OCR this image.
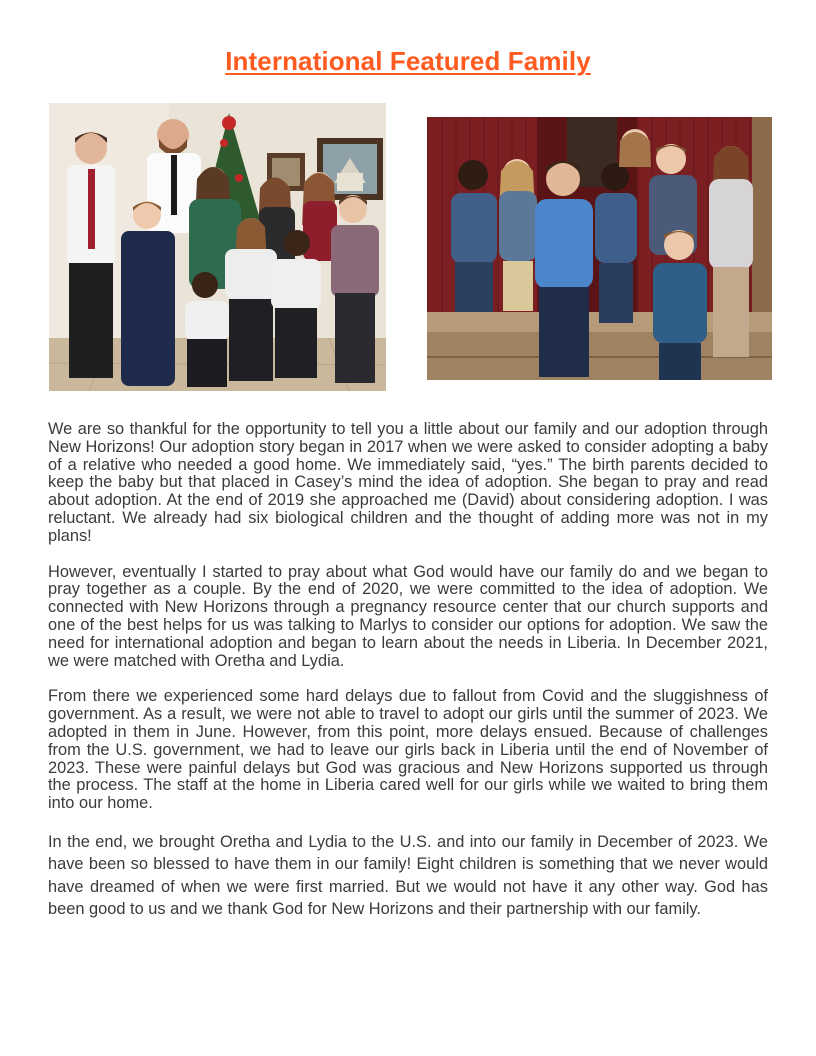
International Featured Family

We are so thankful for the opportunity to tell you a little about our family and our adoption through New Horizons! Our adoption story began in 2017 when we were asked to consider adopting a baby of a relative who needed a good home. We immediately said, “yes.” The birth parents decided to keep the baby but that placed in Casey’s mind the idea of adoption. She began to pray and read about adoption. At the end of 2019 she approached me (David) about considering adoption. I was reluctant. We already had six biological children and the thought of adding more was not in my plans!

However, eventually I started to pray about what God would have our family do and we began to pray together as a couple. By the end of 2020, we were committed to the idea of adoption. We connected with New Horizons through a pregnancy resource center that our church supports and one of the best helps for us was talking to Marlys to consider our options for adoption. We saw the need for international adoption and began to learn about the needs in Liberia. In December 2021, we were matched with Oretha and Lydia.

From there we experienced some hard delays due to fallout from Covid and the sluggishness of government. As a result, we were not able to travel to adopt our girls until the summer of 2023. We adopted in them in June. However, from this point, more delays ensued. Because of challenges from the U.S. government, we had to leave our girls back in Liberia until the end of November of 2023. These were painful delays but God was gracious and New Horizons supported us through the process. The staff at the home in Liberia cared well for our girls while we waited to bring them into our home.

In the end, we brought Oretha and Lydia to the U.S. and into our family in December of 2023. We have been so blessed to have them in our family! Eight children is something that we never would have dreamed of when we were first married. But we would not have it any other way. God has been good to us and we thank God for New Horizons and their partnership with our family.
